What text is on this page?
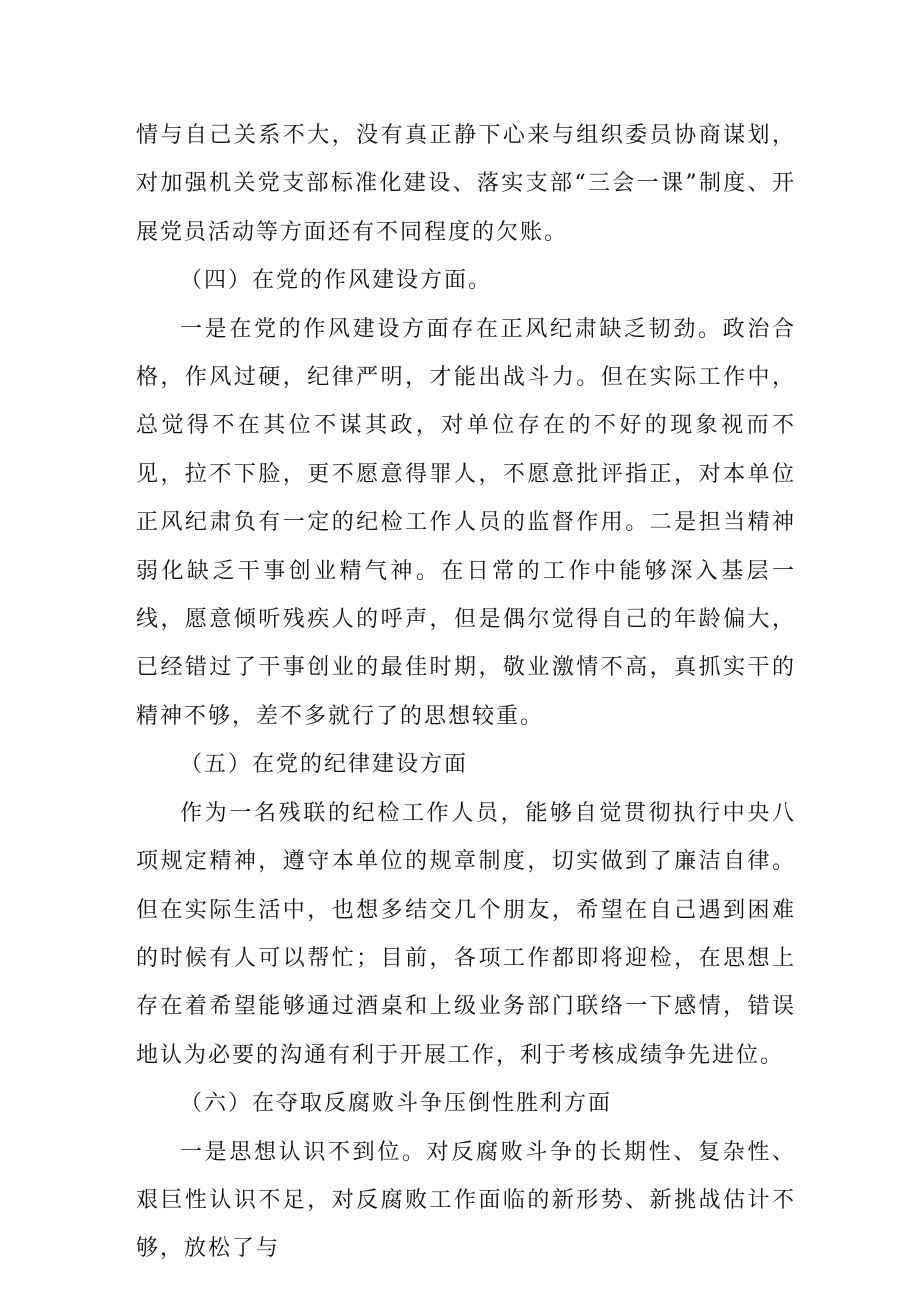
情与自己关系不大，没有真正静下心来与组织委员协商谋划，对加强机关党支部标准化建设、落实支部“三会一课”制度、开展党员活动等方面还有不同程度的欠账。

（四）在党的作风建设方面。

一是在党的作风建设方面存在正风纪肃缺乏韧劲。政治合格，作风过硬，纪律严明，才能出战斗力。但在实际工作中，总觉得不在其位不谋其政，对单位存在的不好的现象视而不见，拉不下脸，更不愿意得罪人，不愿意批评指正，对本单位正风纪肃负有一定的纪检工作人员的监督作用。二是担当精神弱化缺乏干事创业精气神。在日常的工作中能够深入基层一线，愿意倾听残疾人的呼声，但是偶尔觉得自己的年龄偏大，已经错过了干事创业的最佳时期，敬业激情不高，真抓实干的精神不够，差不多就行了的思想较重。

（五）在党的纪律建设方面

作为一名残联的纪检工作人员，能够自觉贯彻执行中央八项规定精神，遵守本单位的规章制度，切实做到了廉洁自律。但在实际生活中，也想多结交几个朋友，希望在自己遇到困难的时候有人可以帮忙；目前，各项工作都即将迎检，在思想上存在着希望能够通过酒桌和上级业务部门联络一下感情，错误地认为必要的沟通有利于开展工作，利于考核成绩争先进位。

（六）在夺取反腐败斗争压倒性胜利方面

一是思想认识不到位。对反腐败斗争的长期性、复杂性、艰巨性认识不足，对反腐败工作面临的新形势、新挑战估计不够，放松了与
